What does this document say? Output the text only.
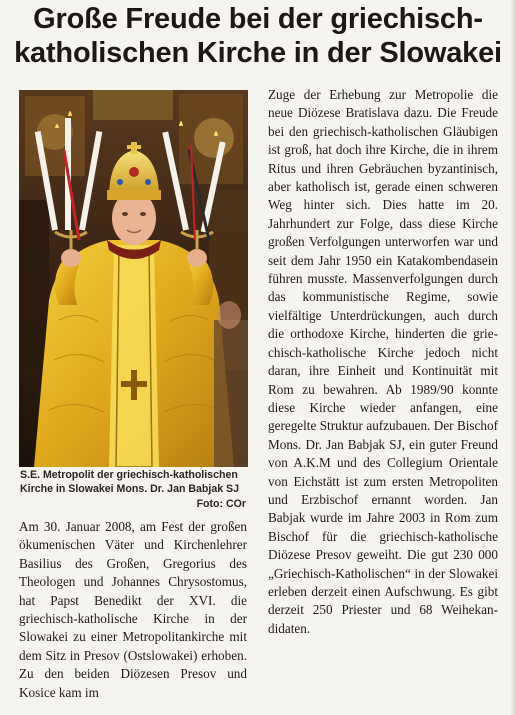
Große Freude bei der griechisch-
katholischen Kirche in der Slowakei
S.E. Metropolit der griechisch-katholischen Kirche in Slowakei Mons. Dr. Jan Babjak SJ
Foto: COr

Am 30. Januar 2008, am Fest der großen ökumenischen Väter und Kirchenlehrer Basilius des Großen, Gregorius des Theologen und Johannes Chrysostomus, hat Papst Benedikt der XVI. die griechisch-katholische Kirche in der Slowakei zu einer Metropolitankirche mit dem Sitz in Presov (Ostslowakei) erhoben. Zu den beiden Diözesen Presov und Kosice kam im

Zuge der Erhebung zur Metropolie die neue Diözese Bratislava dazu. Die Freude bei den griechisch-katholischen Gläubigen ist groß, hat doch ihre Kirche, die in ihrem Ritus und ihren Gebräuchen byzantinisch, aber katholisch ist, gerade einen schweren Weg hinter sich. Dies hatte im 20. Jahrhundert zur Folge, dass diese Kirche großen Verfolgungen unterworfen war und seit dem Jahr 1950 ein Katakombendasein führen musste. Massenverfolgungen durch das kommunistische Regime, sowie vielfältige Unterdrückungen, auch durch die orthodoxe Kirche, hinderten die griechisch-katholische Kirche jedoch nicht daran, ihre Einheit und Kontinuität mit Rom zu bewahren. Ab 1989/90 konnte diese Kirche wieder anfangen, eine geregelte Struktur aufzubauen. Der Bischof Mons. Dr. Jan Babjak SJ, ein guter Freund von A.K.M und des Collegium Orientale von Eichstätt ist zum ersten Metropoliten und Erzbischof ernannt worden. Jan Babjak wurde im Jahre 2003 in Rom zum Bischof für die griechisch-katholische Diözese Presov geweiht. Die gut 230 000 „Griechisch-Katholischen“ in der Slowakei erleben derzeit einen Aufschwung. Es gibt derzeit 250 Priester und 68 Weihekandidaten.
